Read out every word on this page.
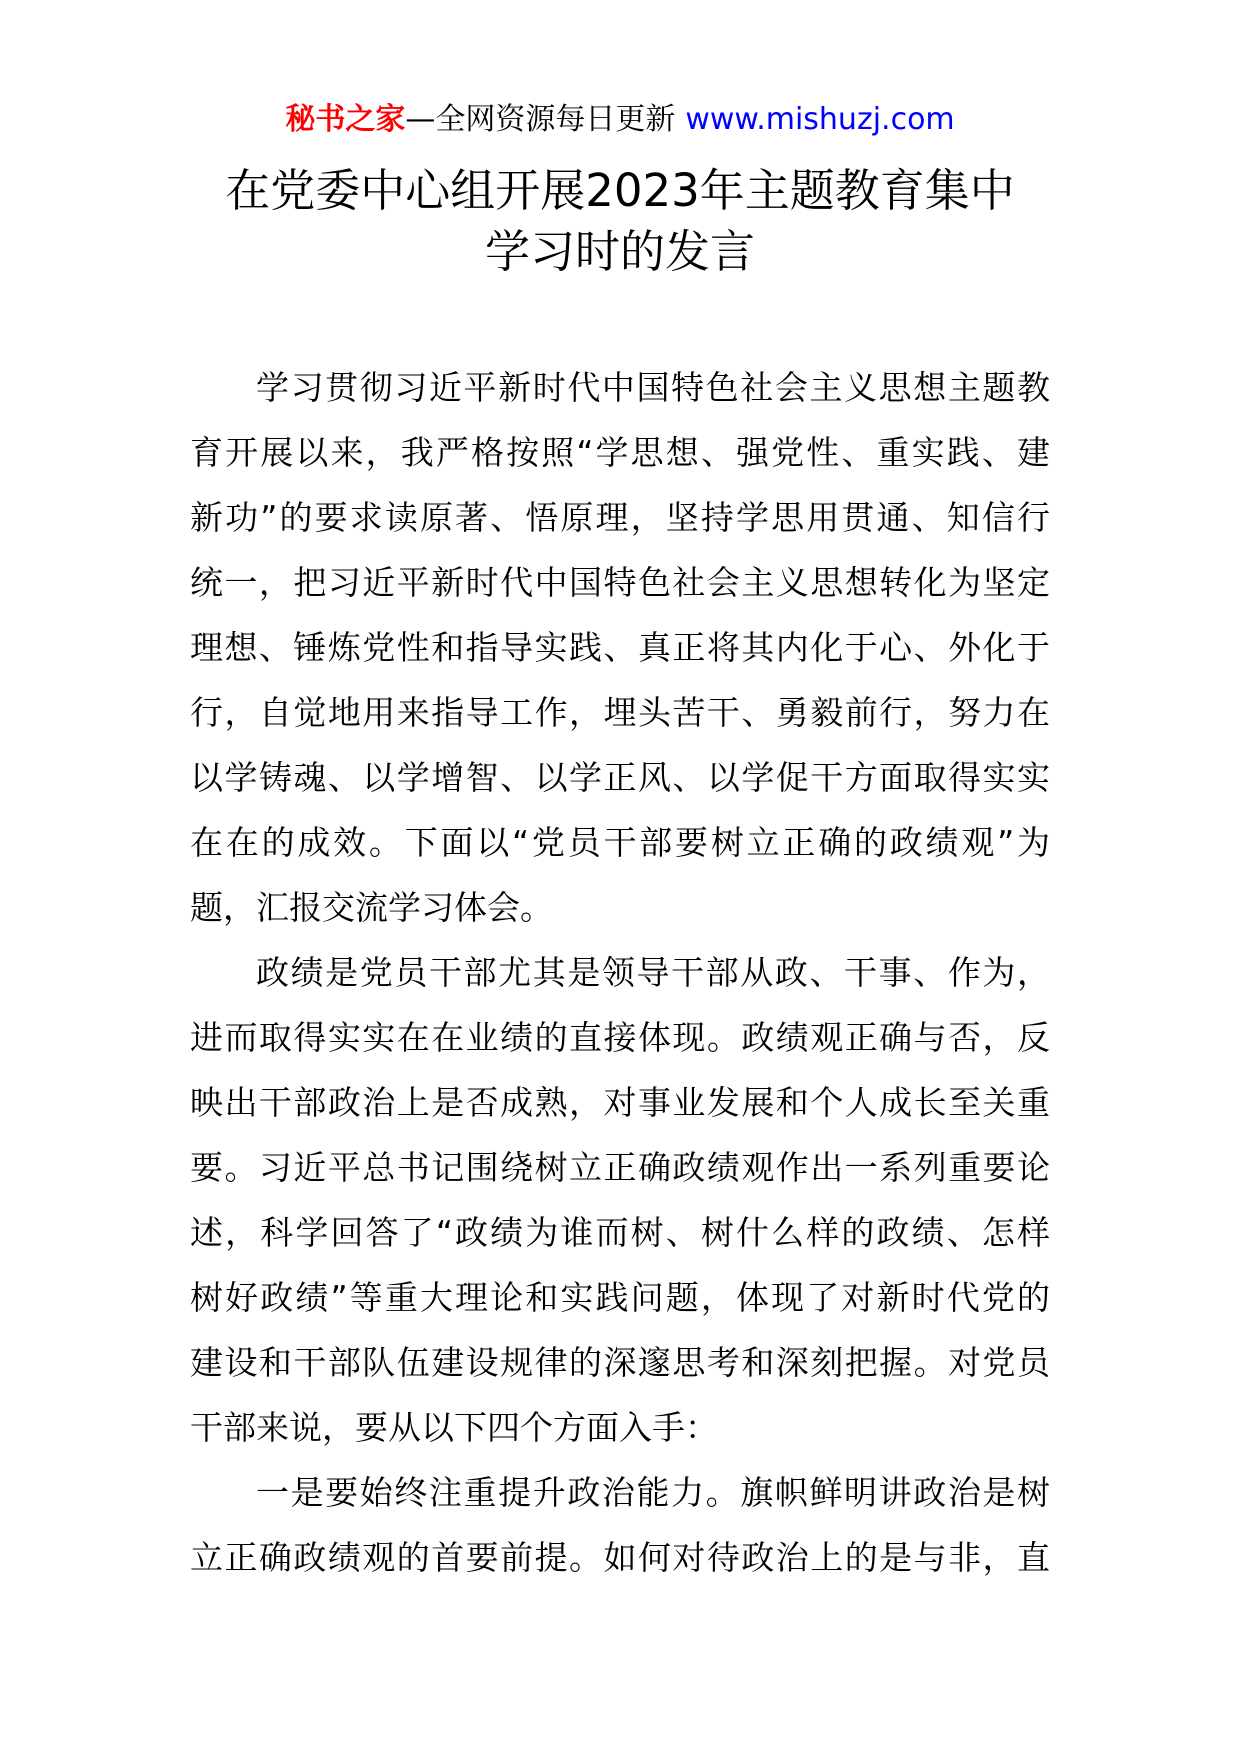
秘书之家—全网资源每日更新 www.mishuzj.com
在党委中心组开展2023年主题教育集中
学习时的发言
学习贯彻习近平新时代中国特色社会主义思想主题教
育开展以来，我严格按照“学思想、强党性、重实践、建
新功”的要求读原著、悟原理，坚持学思用贯通、知信行
统一，把习近平新时代中国特色社会主义思想转化为坚定
理想、锤炼党性和指导实践、真正将其内化于心、外化于
行，自觉地用来指导工作，埋头苦干、勇毅前行，努力在
以学铸魂、以学增智、以学正风、以学促干方面取得实实
在在的成效。下面以“党员干部要树立正确的政绩观”为
题，汇报交流学习体会。
政绩是党员干部尤其是领导干部从政、干事、作为，
进而取得实实在在业绩的直接体现。政绩观正确与否，反
映出干部政治上是否成熟，对事业发展和个人成长至关重
要。习近平总书记围绕树立正确政绩观作出一系列重要论
述，科学回答了“政绩为谁而树、树什么样的政绩、怎样
树好政绩”等重大理论和实践问题，体现了对新时代党的
建设和干部队伍建设规律的深邃思考和深刻把握。对党员
干部来说，要从以下四个方面入手：
一是要始终注重提升政治能力。旗帜鲜明讲政治是树
立正确政绩观的首要前提。如何对待政治上的是与非，直
